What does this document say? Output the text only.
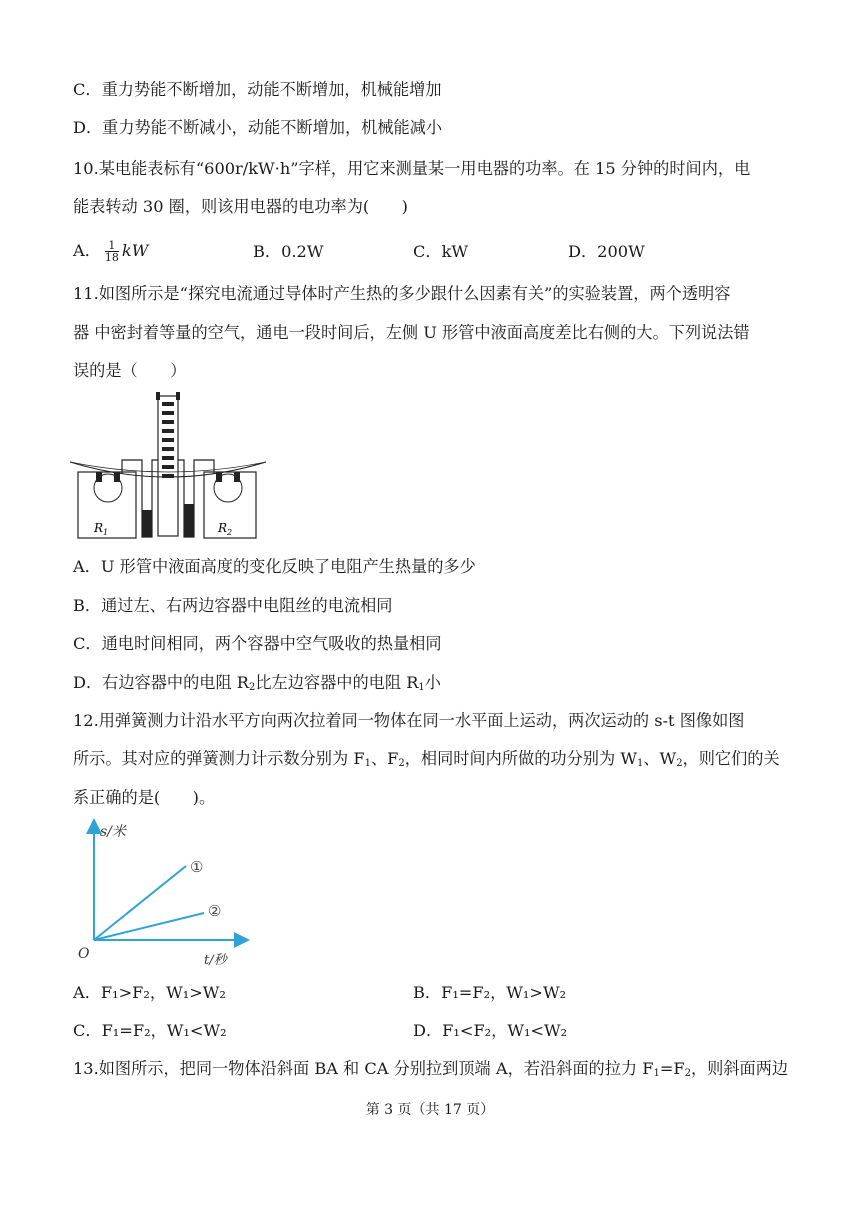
C．重力势能不断增加，动能不断增加，机械能增加
D．重力势能不断减小，动能不断增加，机械能减小
10.某电能表标有“600r/kW·h”字样，用它来测量某一用电器的功率。在 15 分钟的时间内，电
能表转动 30 圈，则该用电器的电功率为(　　)
A． $\frac{1}{18}$ kW	B．0.2W	C．kW	D．200W
11.如图所示是“探究电流通过导体时产生热的多少跟什么因素有关”的实验装置，两个透明容
器 中密封着等量的空气，通电一段时间后，左侧 U 形管中液面高度差比右侧的大。下列说法错
误的是（　　）
$R_1$	$R_2$
A．U 形管中液面高度的变化反映了电阻产生热量的多少
B．通过左、右两边容器中电阻丝的电流相同
C．通电时间相同，两个容器中空气吸收的热量相同
D．右边容器中的电阻 $R_2$比左边容器中的电阻 $R_1$小
12.用弹簧测力计沿水平方向两次拉着同一物体在同一水平面上运动，两次运动的 s-t 图像如图
所示。其对应的弹簧测力计示数分别为 $F_1$、$F_2$，相同时间内所做的功分别为 $W_1$、$W_2$，则它们的关
系正确的是(　　)。
s/米
t/秒
O
①
②
A．F₁>F₂，W₁>W₂	B．F₁=F₂，W₁>W₂
C．F₁=F₂，W₁<W₂	D．F₁<F₂，W₁<W₂
13.如图所示，把同一物体沿斜面 BA 和 CA 分别拉到顶端 A，若沿斜面的拉力 $F_1=F_2$，则斜面两边
第 3 页（共 17 页）
